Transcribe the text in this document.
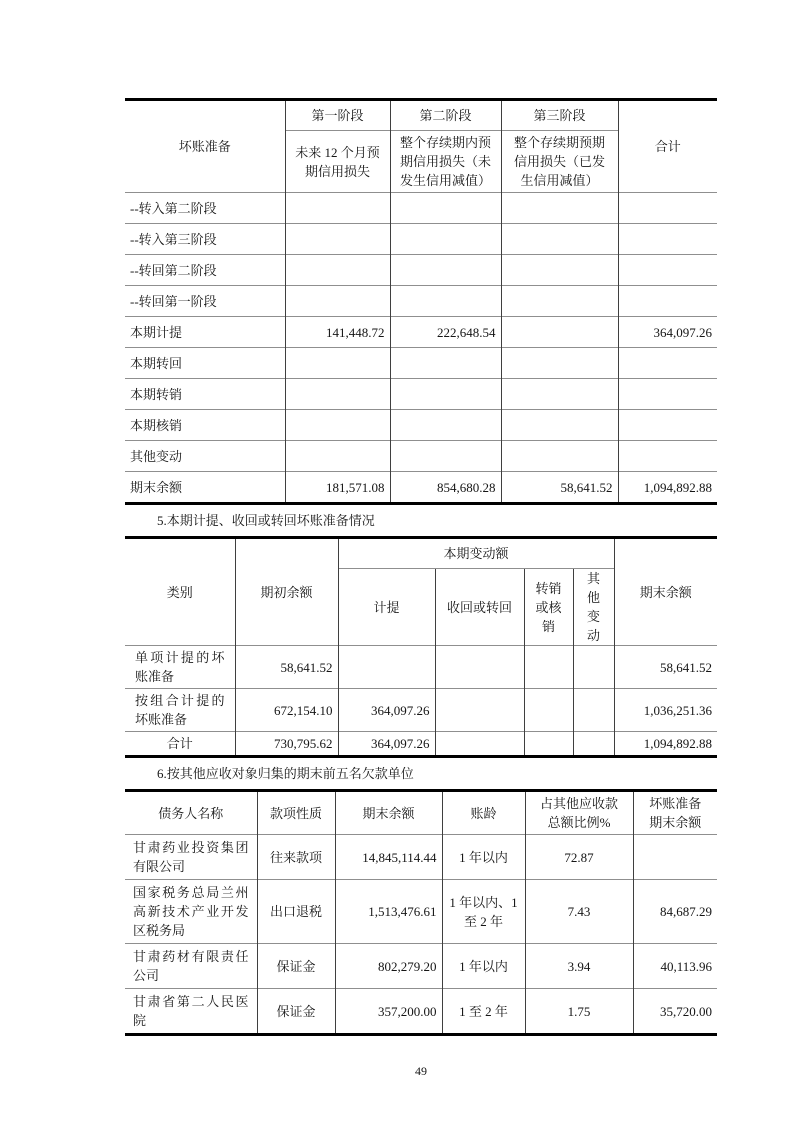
坏账准备	第一阶段	第二阶段	第三阶段	合计
	未来 12 个月预期信用损失	整个存续期内预期信用损失（未发生信用减值）	整个存续期预期信用损失（已发生信用减值）	
--转入第二阶段				
--转入第三阶段				
--转回第二阶段				
--转回第一阶段				
本期计提	141,448.72	222,648.54		364,097.26
本期转回				
本期转销				
本期核销				
其他变动				
期末余额	181,571.08	854,680.28	58,641.52	1,094,892.88
5.本期计提、收回或转回坏账准备情况
类别	期初余额	本期变动额				期末余额
		计提	收回或转回	转销或核销	其他变动	

单项计提的坏账准备	58,641.52					58,641.52
按组合计提的坏账准备	672,154.10	364,097.26				1,036,251.36
合计	730,795.62	364,097.26				1,094,892.88
6.按其他应收对象归集的期末前五名欠款单位
债务人名称	款项性质	期末余额	账龄	占其他应收款总额比例%	坏账准备期末余额

甘肃药业投资集团有限公司	往来款项	14,845,114.44	1 年以内	72.87	
国家税务总局兰州高新技术产业开发区税务局	出口退税	1,513,476.61	1 年以内、1 至 2 年	7.43	84,687.29
甘肃药材有限责任公司	保证金	802,279.20	1 年以内	3.94	40,113.96
甘肃省第二人民医院	保证金	357,200.00	1 至 2 年	1.75	35,720.00
49
